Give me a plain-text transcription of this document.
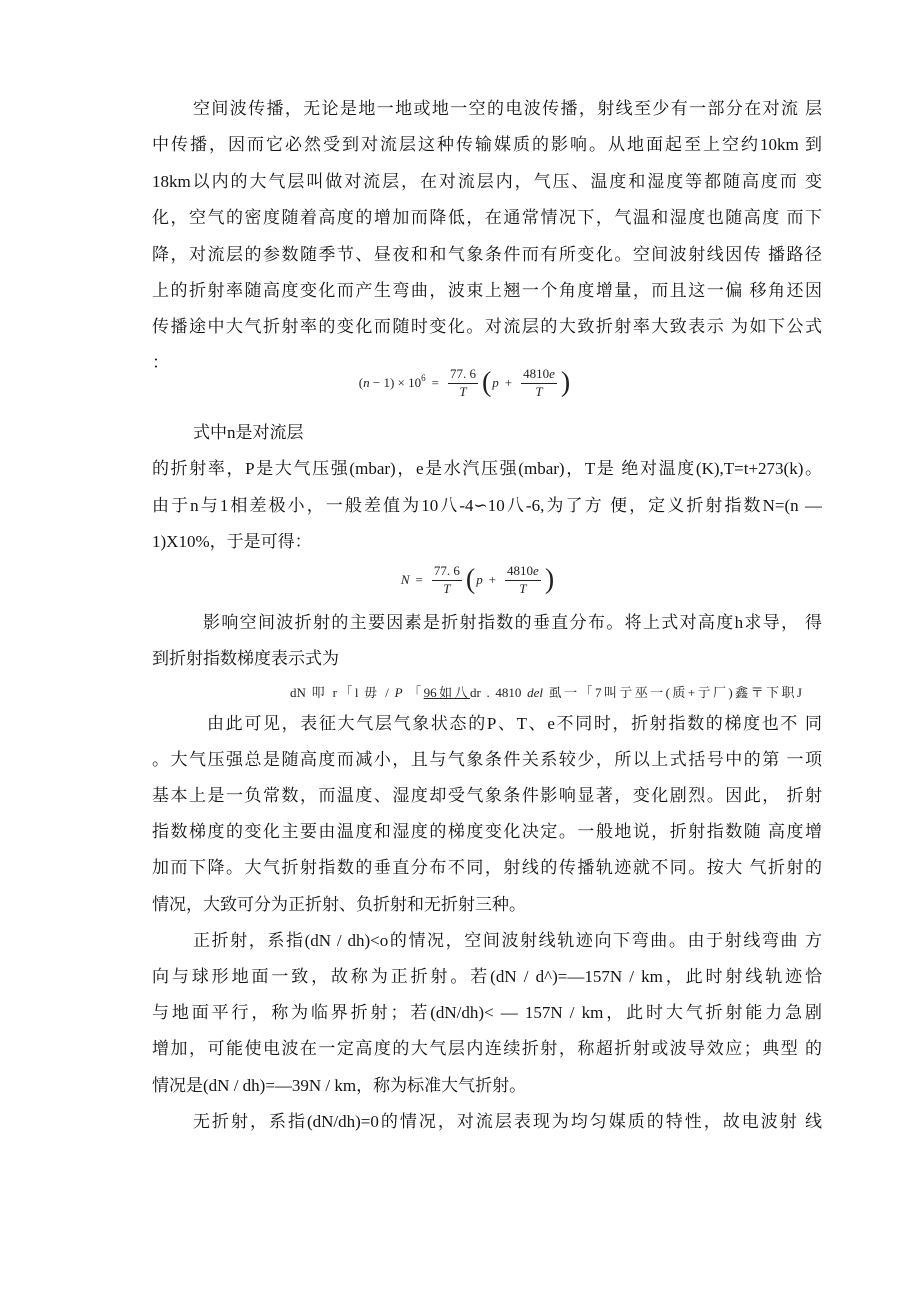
空间波传播，无论是地一地或地一空的电波传播，射线至少有一部分在对流 层
中传播，因而它必然受到对流层这种传输媒质的影响。从地面起至上空约10km 到
18km以内的大气层叫做对流层，在对流层内，气压、温度和湿度等都随高度而 变
化，空气的密度随着高度的增加而降低，在通常情况下，气温和湿度也随高度 而下
降，对流层的参数随季节、昼夜和和气象条件而有所变化。空间波射线因传 播路径
上的折射率随高度变化而产生弯曲，波束上翘一个角度增量，而且这一偏 移角还因
传播途中大气折射率的变化而随时变化。对流层的大致折射率大致表示 为如下公式
：
$(n - 1) \times 10^6 = \frac{77. 6}{T}$ ( $p + \frac{4810e}{T}$ )
式中n是对流层
的折射率，P是大气压强(mbar)，e是水汽压强(mbar)，T是 绝对温度(K),T=t+273(k)。
由于n与1相差极小，一般差值为10八-4∽10八-6,为了方 便，定义折射指数N=(n —
1)X10%，于是可得：
$N = \frac{77. 6}{T}$ ( $p + \frac{4810e}{T}$ )
影响空间波折射的主要因素是折射指数的垂直分布。将上式对高度h求导， 得
到折射指数梯度表示式为
dN 叩 r「l 毋 / P 「96如八dr . 4810 del 虱一「7叫亍巫一(质+亍厂)鑫〒下职J
由此可见，表征大气层气象状态的P、T、e不同时，折射指数的梯度也不 同
。大气压强总是随高度而减小，且与气象条件关系较少，所以上式括号中的第 一项
基本上是一负常数，而温度、湿度却受气象条件影响显著，变化剧烈。因此， 折射
指数梯度的变化主要由温度和湿度的梯度变化决定。一般地说，折射指数随 高度增
加而下降。大气折射指数的垂直分布不同，射线的传播轨迹就不同。按大 气折射的
情况，大致可分为正折射、负折射和无折射三种。
正折射，系指(dN / dh)<o的情况，空间波射线轨迹向下弯曲。由于射线弯曲 方
向与球形地面一致，故称为正折射。若(dN / d^)=—157N / km，此时射线轨迹恰
与地面平行，称为临界折射；若(dN/dh)< — 157N / km，此时大气折射能力急剧
增加，可能使电波在一定高度的大气层内连续折射，称超折射或波导效应；典型 的
情况是(dN / dh)=—39N / km，称为标准大气折射。
无折射，系指(dN/dh)=0的情况，对流层表现为均匀媒质的特性，故电波射 线
